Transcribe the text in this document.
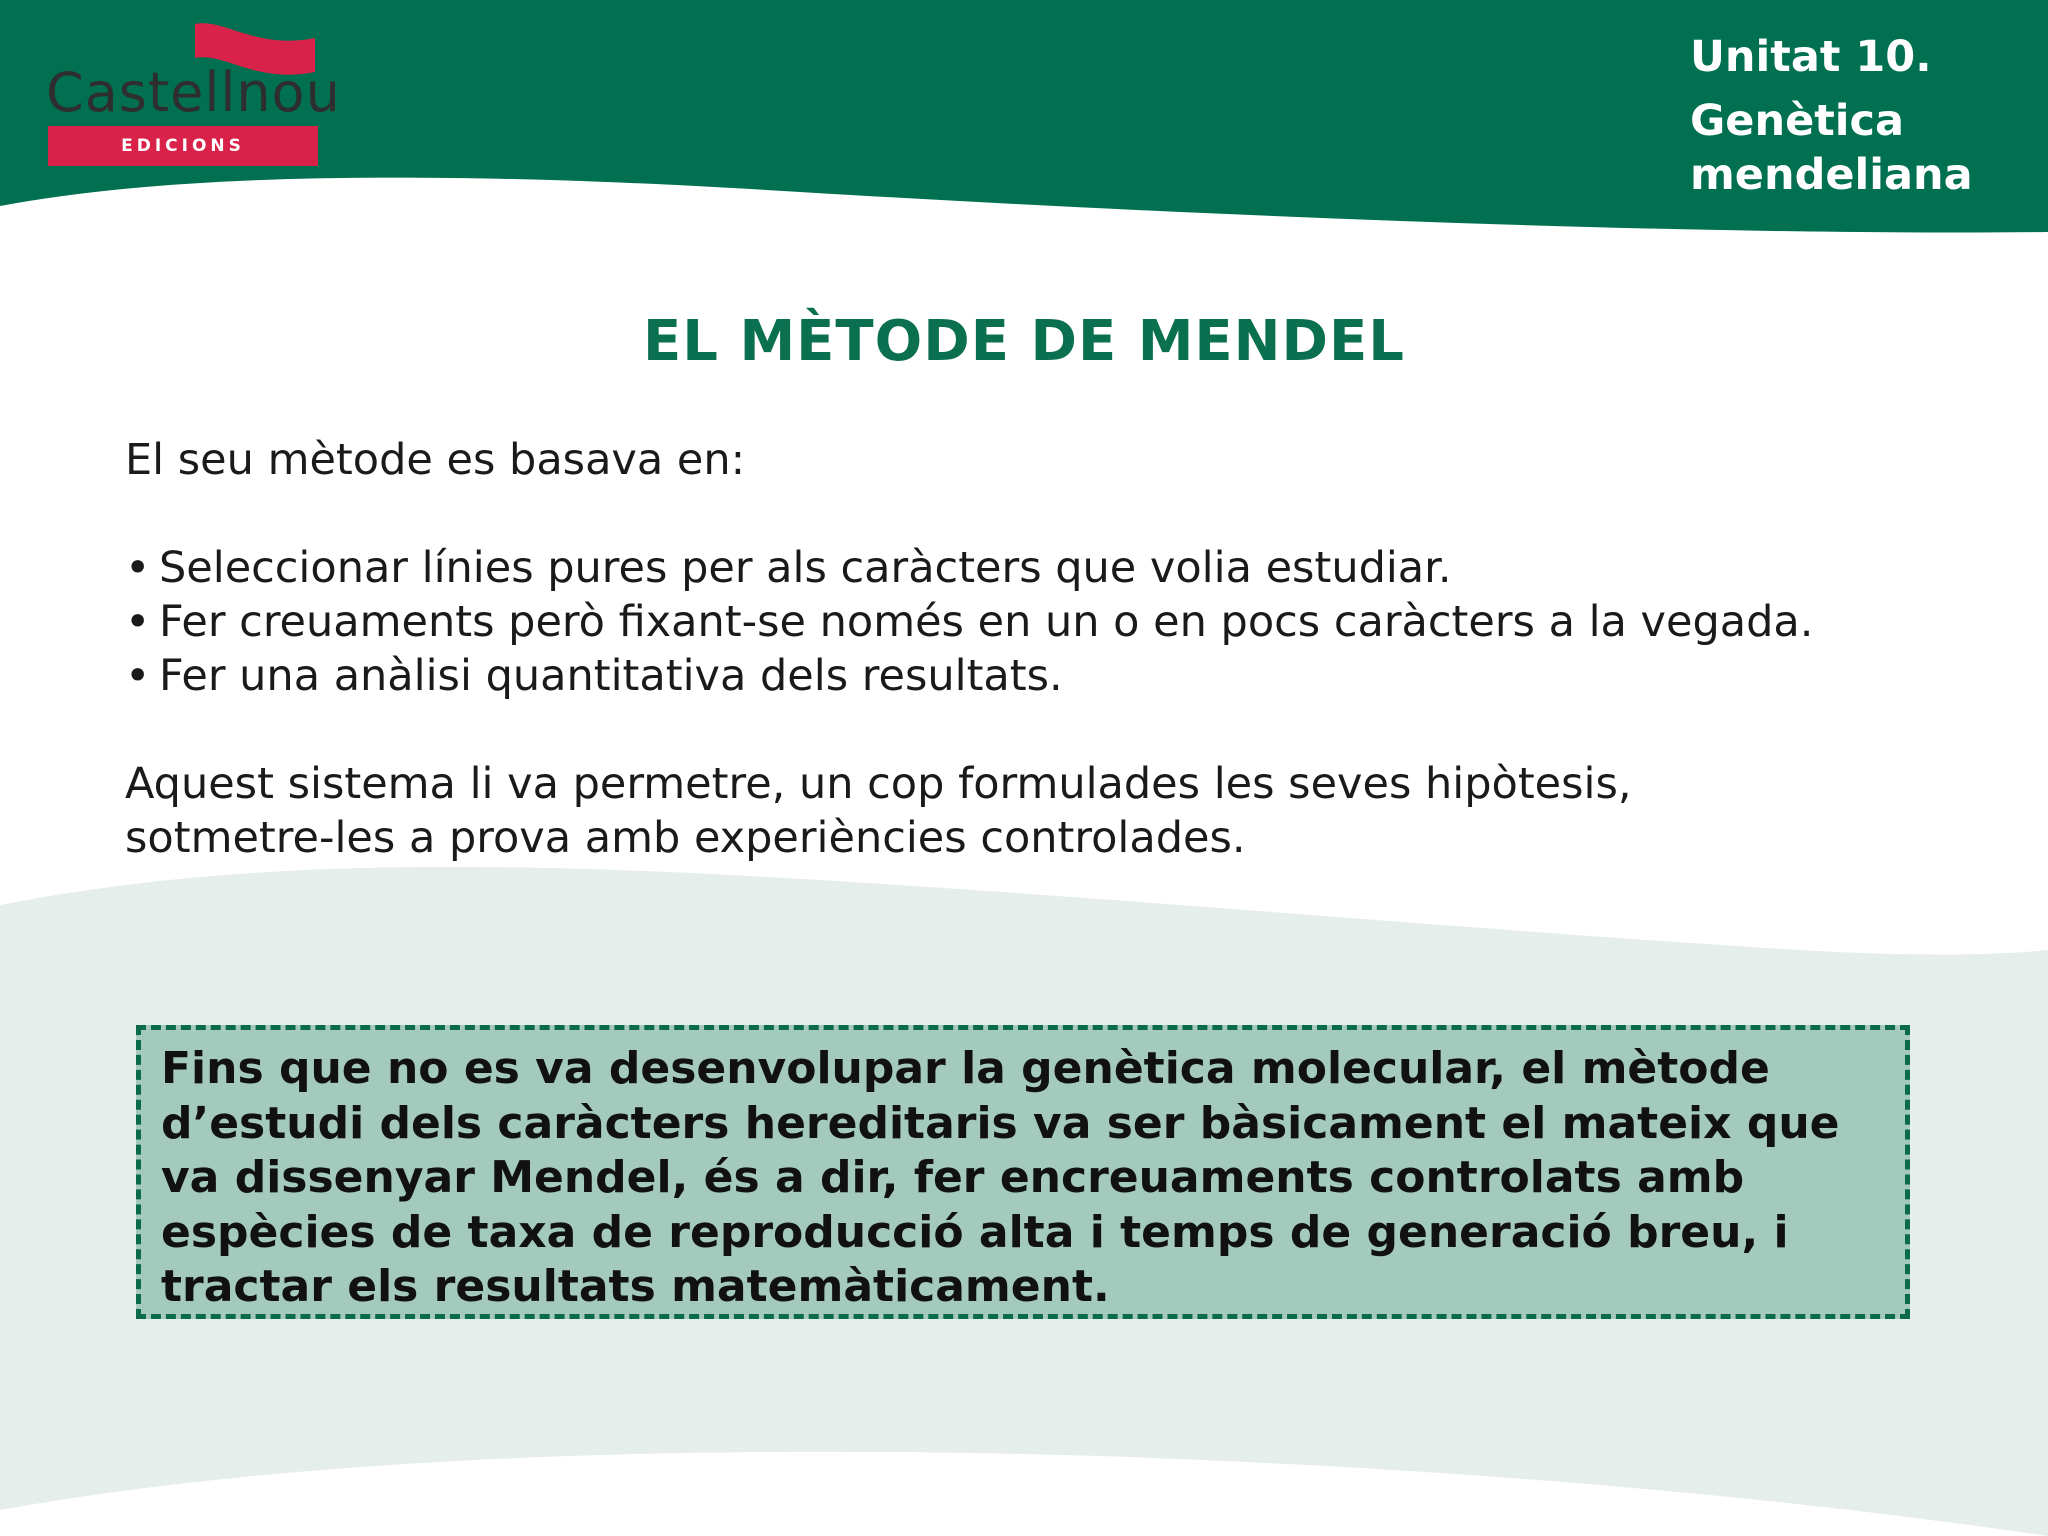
Castellnou
EDICIONS
Unitat 10.
Genètica
mendeliana
EL MÈTODE DE MENDEL
El seu mètode es basava en:
• Seleccionar línies pures per als caràcters que volia estudiar.
• Fer creuaments però fixant-se només en un o en pocs caràcters a la vegada.
• Fer una anàlisi quantitativa dels resultats.
Aquest sistema li va permetre, un cop formulades les seves hipòtesis,
sotmetre-les a prova amb experiències controlades.
Fins que no es va desenvolupar la genètica molecular, el mètode
d’estudi dels caràcters hereditaris va ser bàsicament el mateix que
va dissenyar Mendel, és a dir, fer encreuaments controlats amb
espècies de taxa de reproducció alta i temps de generació breu, i
tractar els resultats matemàticament.
